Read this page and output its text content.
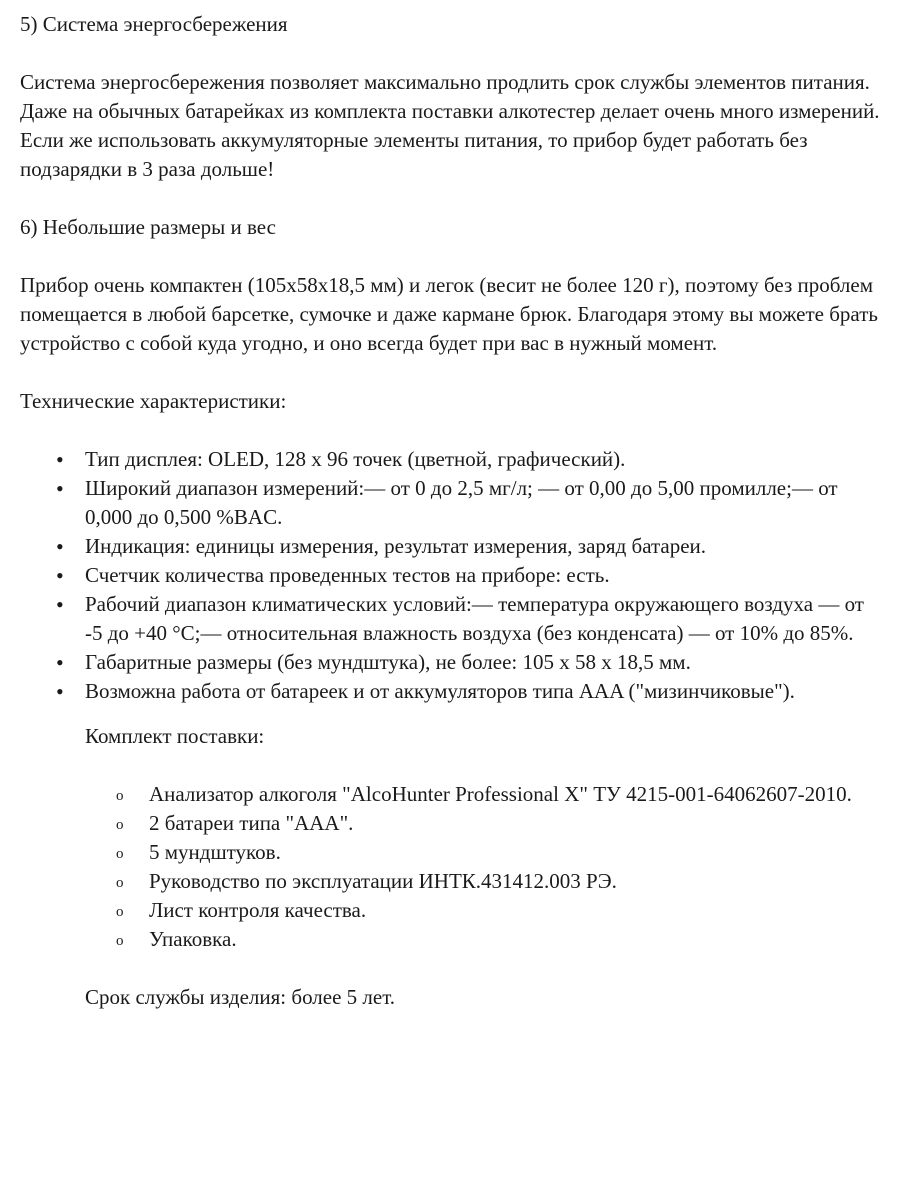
5) Система энергосбережения
Система энергосбережения позволяет максимально продлить срок службы элементов питания. Даже на обычных батарейках из комплекта поставки алкотестер делает очень много измерений. Если же использовать аккумуляторные элементы питания, то прибор будет работать без подзарядки в 3 раза дольше!
6) Небольшие размеры и вес
Прибор очень компактен (105x58x18,5 мм) и легок (весит не более 120 г), поэтому без проблем помещается в любой барсетке, сумочке и даже кармане брюк. Благодаря этому вы можете брать устройство с собой куда угодно, и оно всегда будет при вас в нужный момент.
Технические характеристики:
• Тип дисплея: OLED, 128 x 96 точек (цветной, графический).
• Широкий диапазон измерений:— от 0 до 2,5 мг/л; — от 0,00 до 5,00 промилле;— от 0,000 до 0,500 %BAC.
• Индикация: единицы измерения, результат измерения, заряд батареи.
• Счетчик количества проведенных тестов на приборе: есть.
• Рабочий диапазон климатических условий:— температура окружающего воздуха — от -5 до +40 °С;— относительная влажность воздуха (без конденсата) — от 10% до 85%.
• Габаритные размеры (без мундштука), не более: 105 x 58 x 18,5 мм.
• Возможна работа от батареек и от аккумуляторов типа AAA ("мизинчиковые").
Комплект поставки:
o Анализатор алкоголя "AlcoHunter Professional X" ТУ 4215-001-64062607-2010.
o 2 батареи типа "AAA".
o 5 мундштуков.
o Руководство по эксплуатации ИНТК.431412.003 РЭ.
o Лист контроля качества.
o Упаковка.
Срок службы изделия: более 5 лет.
